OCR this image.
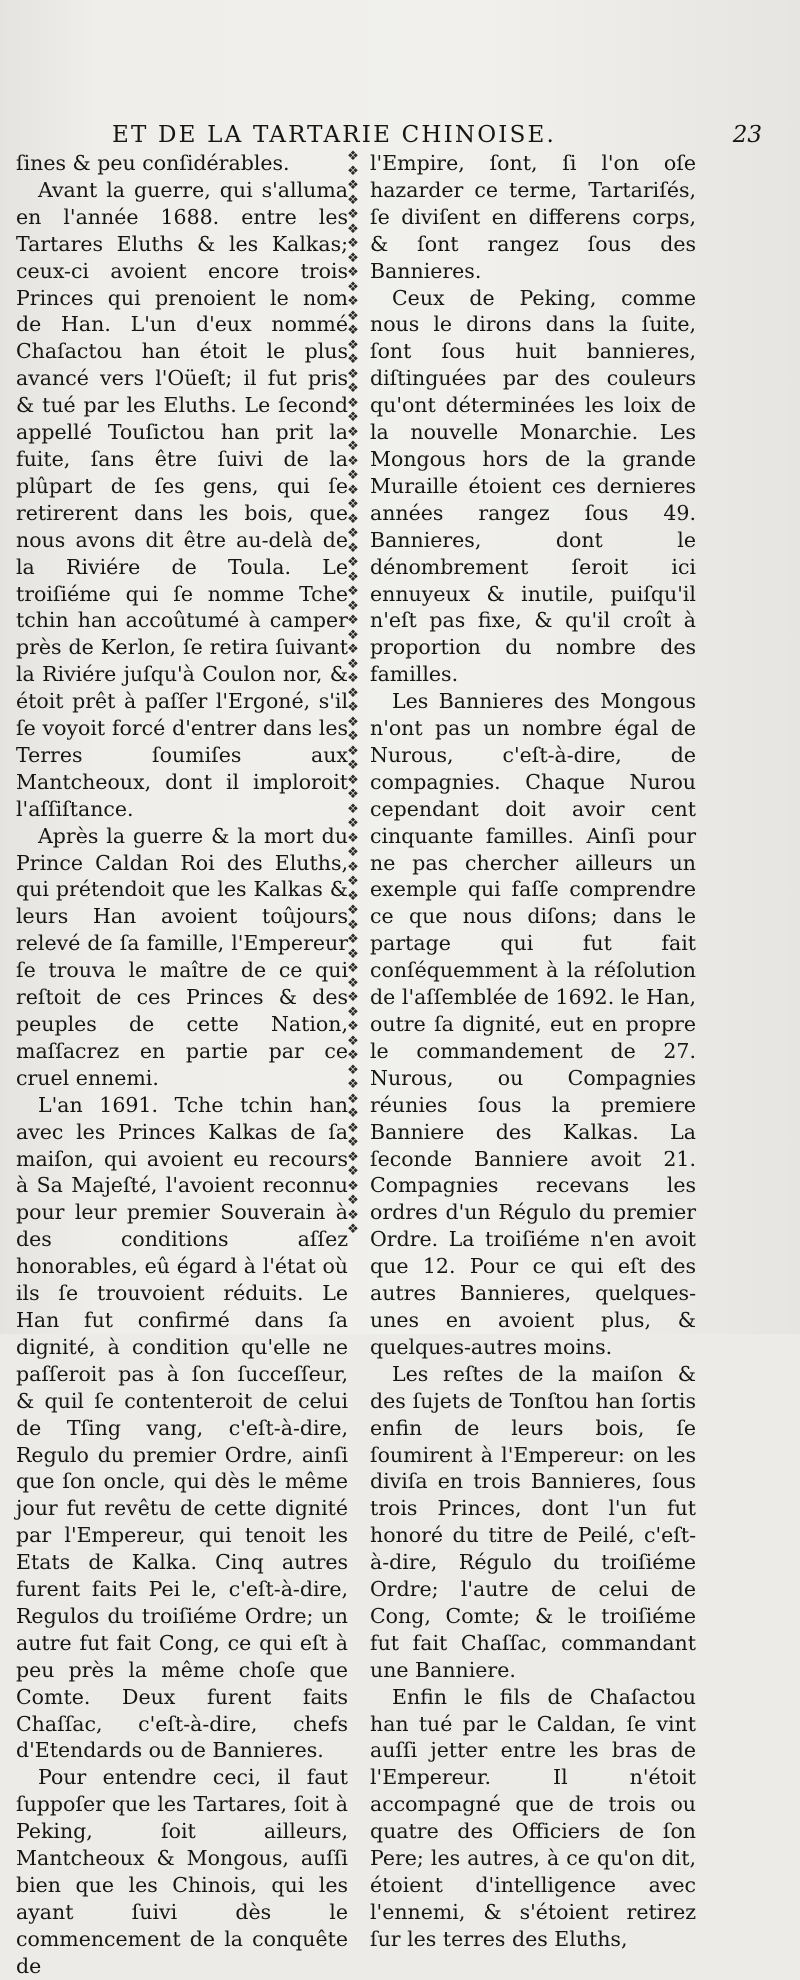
ET DE LA TARTARIE CHINOISE.	23

ſines & peu conſidérables.

Avant la guerre, qui s'alluma en l'année 1688. entre les Tartares Eluths & les Kalkas; ceux-ci avoient encore trois Princes qui prenoient le nom de Han. L'un d'eux nommé Chaſactou han étoit le plus avancé vers l'Oüeſt; il fut pris & tué par les Eluths. Le ſecond appellé Touſictou han prit la fuite, ſans être ſuivi de la plûpart de ſes gens, qui ſe retirerent dans les bois, que nous avons dit être au-delà de la Riviére de Toula. Le troiſiéme qui ſe nomme Tche tchin han accoûtumé à camper près de Kerlon, ſe retira ſuivant la Riviére juſqu'à Coulon nor, & étoit prêt à paſſer l'Ergoné, s'il ſe voyoit forcé d'entrer dans les Terres ſoumiſes aux Mantcheoux, dont il imploroit l'aſſiſtance.

Après la guerre & la mort du Prince Caldan Roi des Eluths, qui prétendoit que les Kalkas & leurs Han avoient toûjours relevé de ſa famille, l'Empereur ſe trouva le maître de ce qui reſtoit de ces Princes & des peuples de cette Nation, maſſacrez en partie par ce cruel ennemi.

L'an 1691. Tche tchin han avec les Princes Kalkas de ſa maiſon, qui avoient eu recours à Sa Majeſté, l'avoient reconnu pour leur premier Souverain à des conditions aſſez honorables, eû égard à l'état où ils ſe trouvoient réduits. Le Han fut confirmé dans ſa dignité, à condition qu'elle ne paſſeroit pas à ſon ſucceſſeur, & quil ſe contenteroit de celui de Tſing vang, c'eſt-à-dire, Regulo du premier Ordre, ainſi que ſon oncle, qui dès le même jour fut revêtu de cette dignité par l'Empereur, qui tenoit les Etats de Kalka. Cinq autres furent faits Pei le, c'eſt-à-dire, Regulos du troiſiéme Ordre; un autre fut fait Cong, ce qui eſt à peu près la même choſe que Comte. Deux furent faits Chaſſac, c'eſt-à-dire, chefs d'Etendards ou de Bannieres.

Pour entendre ceci, il faut ſuppoſer que les Tartares, ſoit à Peking, ſoit ailleurs, Mantcheoux & Mongous, auſſi bien que les Chinois, qui les ayant ſuivi dès le commencement de la conquête de

❖
❖
❖
❖
❖
❖
❖
❖
❖
❖
❖
❖
❖
❖
❖
❖
❖
❖
❖
❖
❖
❖
❖
❖
❖
❖
❖
❖
❖
❖
❖
❖
❖
❖
❖
❖
❖
❖
❖
❖
❖
❖
❖
❖
❖
❖
❖
❖
❖
❖
❖
❖
❖
❖
❖
❖
❖
❖
❖
❖
❖
❖
❖
❖
❖
❖
❖
❖
❖
❖
❖
❖
❖
❖
❖

l'Empire, ſont, ſi l'on oſe hazarder ce terme, Tartariſés, ſe diviſent en differens corps, & ſont rangez ſous des Bannieres.

Ceux de Peking, comme nous le dirons dans la ſuite, ſont ſous huit bannieres, diſtinguées par des couleurs qu'ont déterminées les loix de la nouvelle Monarchie. Les Mongous hors de la grande Muraille étoient ces dernieres années rangez ſous 49. Bannieres, dont le dénombrement ſeroit ici ennuyeux & inutile, puiſqu'il n'eſt pas fixe, & qu'il croît à proportion du nombre des familles.

Les Bannieres des Mongous n'ont pas un nombre égal de Nurous, c'eſt-à-dire, de compagnies. Chaque Nurou cependant doit avoir cent cinquante familles. Ainſi pour ne pas chercher ailleurs un exemple qui faſſe comprendre ce que nous diſons; dans le partage qui fut fait conſéquemment à la réſolution de l'aſſemblée de 1692. le Han, outre ſa dignité, eut en propre le commandement de 27. Nurous, ou Compagnies réunies ſous la premiere Banniere des Kalkas. La ſeconde Banniere avoit 21. Compagnies recevans les ordres d'un Régulo du premier Ordre. La troiſiéme n'en avoit que 12. Pour ce qui eſt des autres Bannieres, quelques-unes en avoient plus, & quelques-autres moins.

Les reſtes de la maiſon & des ſujets de Tonſtou han ſortis enfin de leurs bois, ſe ſoumirent à l'Empereur: on les diviſa en trois Bannieres, ſous trois Princes, dont l'un fut honoré du titre de Peilé, c'eſt-à-dire, Régulo du troiſiéme Ordre; l'autre de celui de Cong, Comte; & le troiſiéme fut fait Chaſſac, commandant une Banniere.

Enfin le fils de Chaſactou han tué par le Caldan, ſe vint auſſi jetter entre les bras de l'Empereur. Il n'étoit accompagné que de trois ou quatre des Officiers de ſon Pere; les autres, à ce qu'on dit, étoient d'intelligence avec l'ennemi, & s'étoient retirez ſur les terres des Eluths,
